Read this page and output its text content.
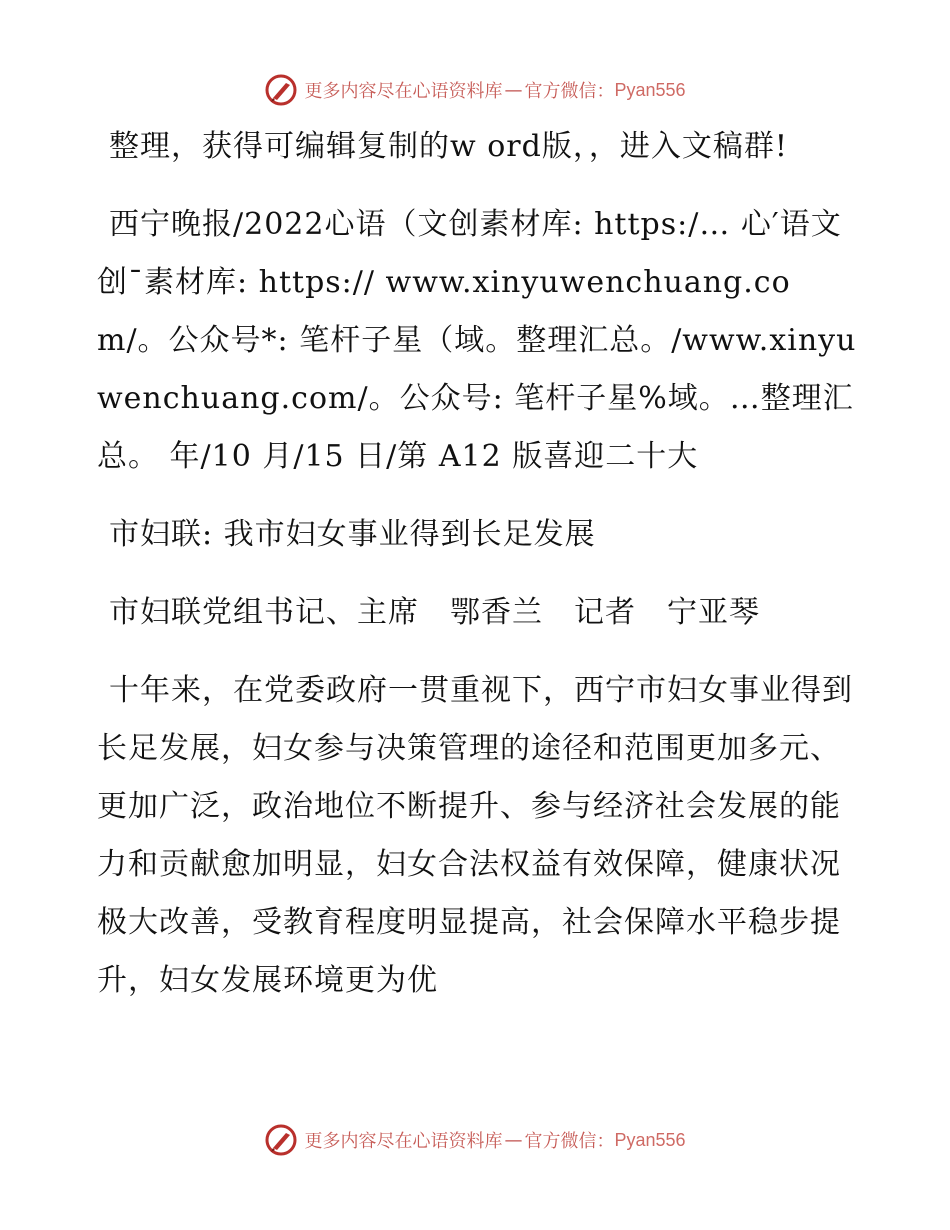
更多内容尽在心语资料库 — 官方微信： Pyan556

整理，获得可编辑复制的w ord版，，进入文稿群!

西宁晚报/2022心语（文创素材库: https:/… 心′语文创¯素材库: https:// www.xinyuwenchuang.com/。公众号*: 笔杆子星（域。整理汇总。/www.xinyuwenchuang.com/。公众号: 笔杆子星%域。…整理汇总。 年/10 月/15 日/第 A12 版喜迎二十大

市妇联: 我市妇女事业得到长足发展

市妇联党组书记、主席　鄂香兰　记者　宁亚琴

十年来，在党委政府一贯重视下，西宁市妇女事业得到长足发展，妇女参与决策管理的途径和范围更加多元、更加广泛，政治地位不断提升、参与经济社会发展的能力和贡献愈加明显，妇女合法权益有效保障，健康状况极大改善，受教育程度明显提高，社会保障水平稳步提升，妇女发展环境更为优

更多内容尽在心语资料库 — 官方微信： Pyan556
